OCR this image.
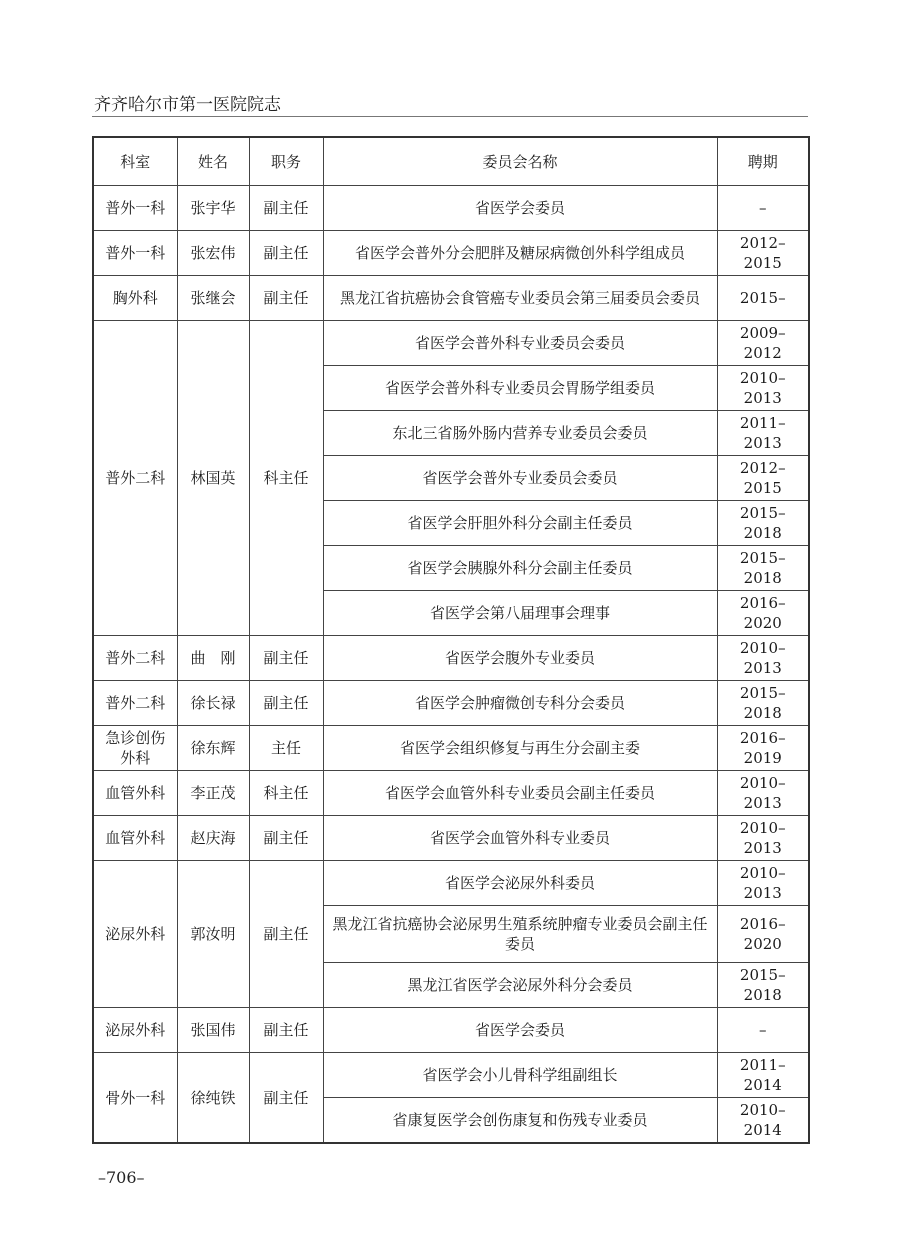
齐齐哈尔市第一医院院志
科室	姓名	职务	委员会名称	聘期
普外一科	张宇华	副主任	省医学会委员	–
普外一科	张宏伟	副主任	省医学会普外分会肥胖及糖尿病微创外科学组成员	2012–2015
胸外科	张继会	副主任	黑龙江省抗癌协会食管癌专业委员会第三届委员会委员	2015–
普外二科	林国英	科主任	省医学会普外科专业委员会委员	2009–2012
			省医学会普外科专业委员会胃肠学组委员	2010–2013
			东北三省肠外肠内营养专业委员会委员	2011–2013
			省医学会普外专业委员会委员	2012–2015
			省医学会肝胆外科分会副主任委员	2015–2018
			省医学会胰腺外科分会副主任委员	2015–2018
			省医学会第八届理事会理事	2016–2020
普外二科	曲　刚	副主任	省医学会腹外专业委员	2010–2013
普外二科	徐长禄	副主任	省医学会肿瘤微创专科分会委员	2015–2018
急诊创伤外科	徐东辉	主任	省医学会组织修复与再生分会副主委	2016–2019
血管外科	李正茂	科主任	省医学会血管外科专业委员会副主任委员	2010–2013
血管外科	赵庆海	副主任	省医学会血管外科专业委员	2010–2013
泌尿外科	郭汝明	副主任	省医学会泌尿外科委员	2010–2013
			黑龙江省抗癌协会泌尿男生殖系统肿瘤专业委员会副主任委员	2016–2020
			黑龙江省医学会泌尿外科分会委员	2015–2018
泌尿外科	张国伟	副主任	省医学会委员	–
骨外一科	徐纯铁	副主任	省医学会小儿骨科学组副组长	2011–2014
			省康复医学会创伤康复和伤残专业委员	2010–2014
–706–
